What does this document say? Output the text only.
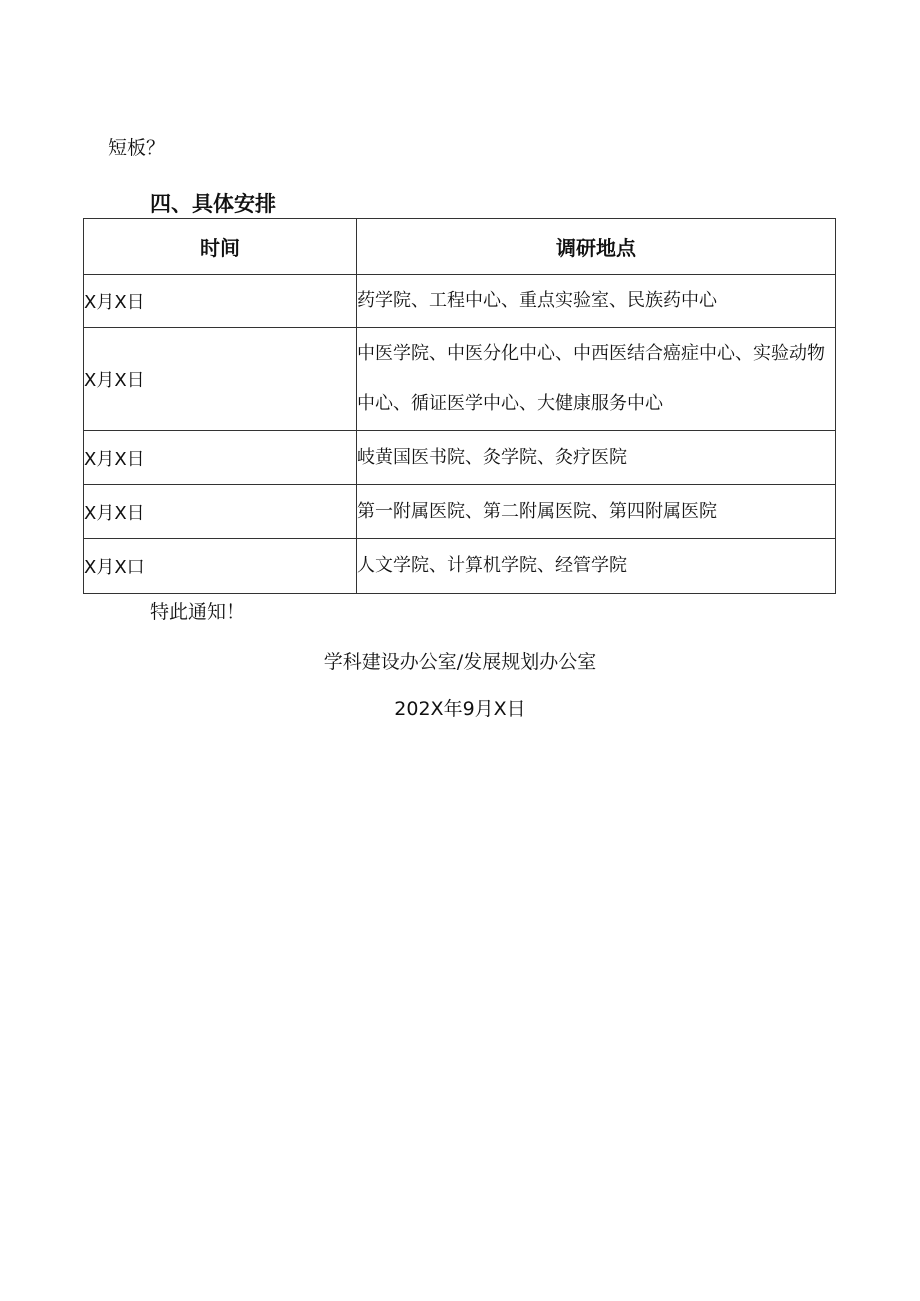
短板？
四、具体安排
时间	调研地点
X月X日	药学院、工程中心、重点实验室、民族药中心
X月X日	中医学院、中医分化中心、中西医结合癌症中心、实验动物中心、循证医学中心、大健康服务中心
X月X日	岐黄国医书院、灸学院、灸疗医院
X月X日	第一附属医院、第二附属医院、第四附属医院
X月X口	人文学院、计算机学院、经管学院
特此通知！
学科建设办公室/发展规划办公室
202X年9月X日
